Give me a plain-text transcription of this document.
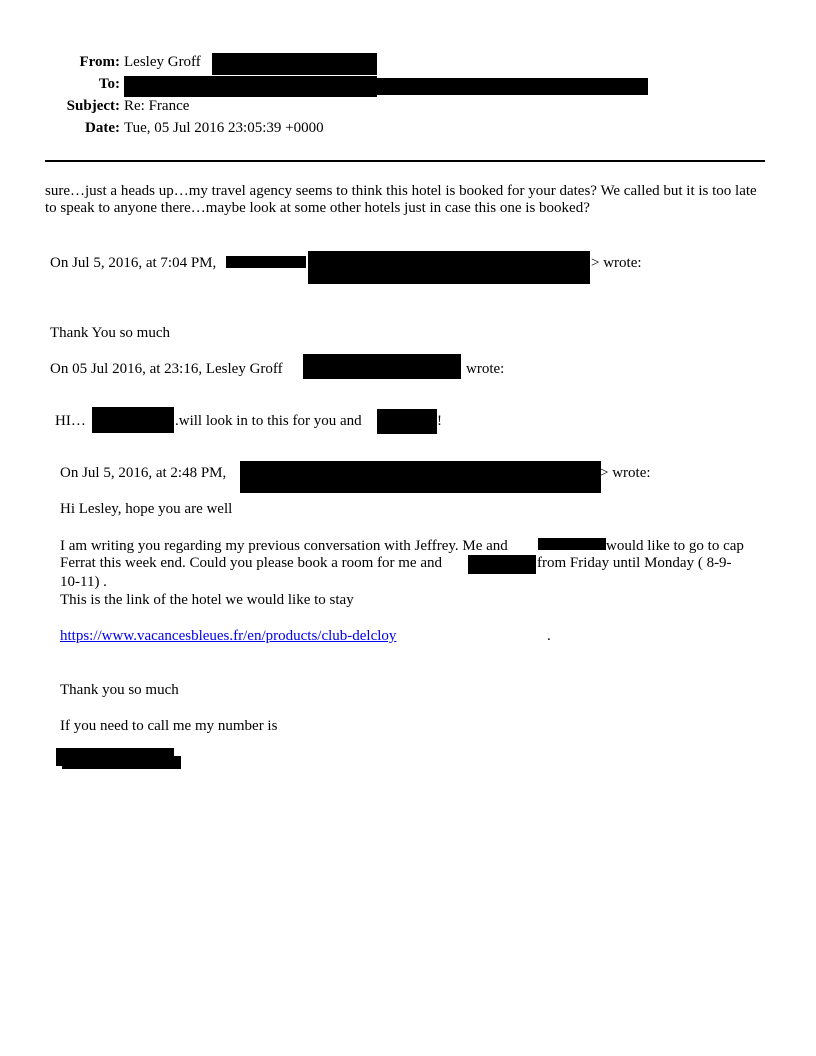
From: Lesley Groff
To:
Subject: Re: France
Date: Tue, 05 Jul 2016 23:05:39 +0000
sure…just a heads up…my travel agency seems to think this hotel is booked for your dates? We called but it is too late to speak to anyone there…maybe look at some other hotels just in case this one is booked?
On Jul 5, 2016, at 7:04 PM,	> wrote:
Thank You so much
On 05 Jul 2016, at 23:16, Lesley Groff	wrote:
HI…	.will look in to this for you and	!
On Jul 5, 2016, at 2:48 PM,	> wrote:
Hi Lesley, hope you are well
I am writing you regarding my previous conversation with Jeffrey. Me and	would like to go to cap
Ferrat this week end. Could you please book a room for me and	from Friday until Monday ( 8-9-
10-11) .
This is the link of the hotel we would like to stay
https://www.vacancesbleues.fr/en/products/club-delcloy	.
Thank you so much
If you need to call me my number is
